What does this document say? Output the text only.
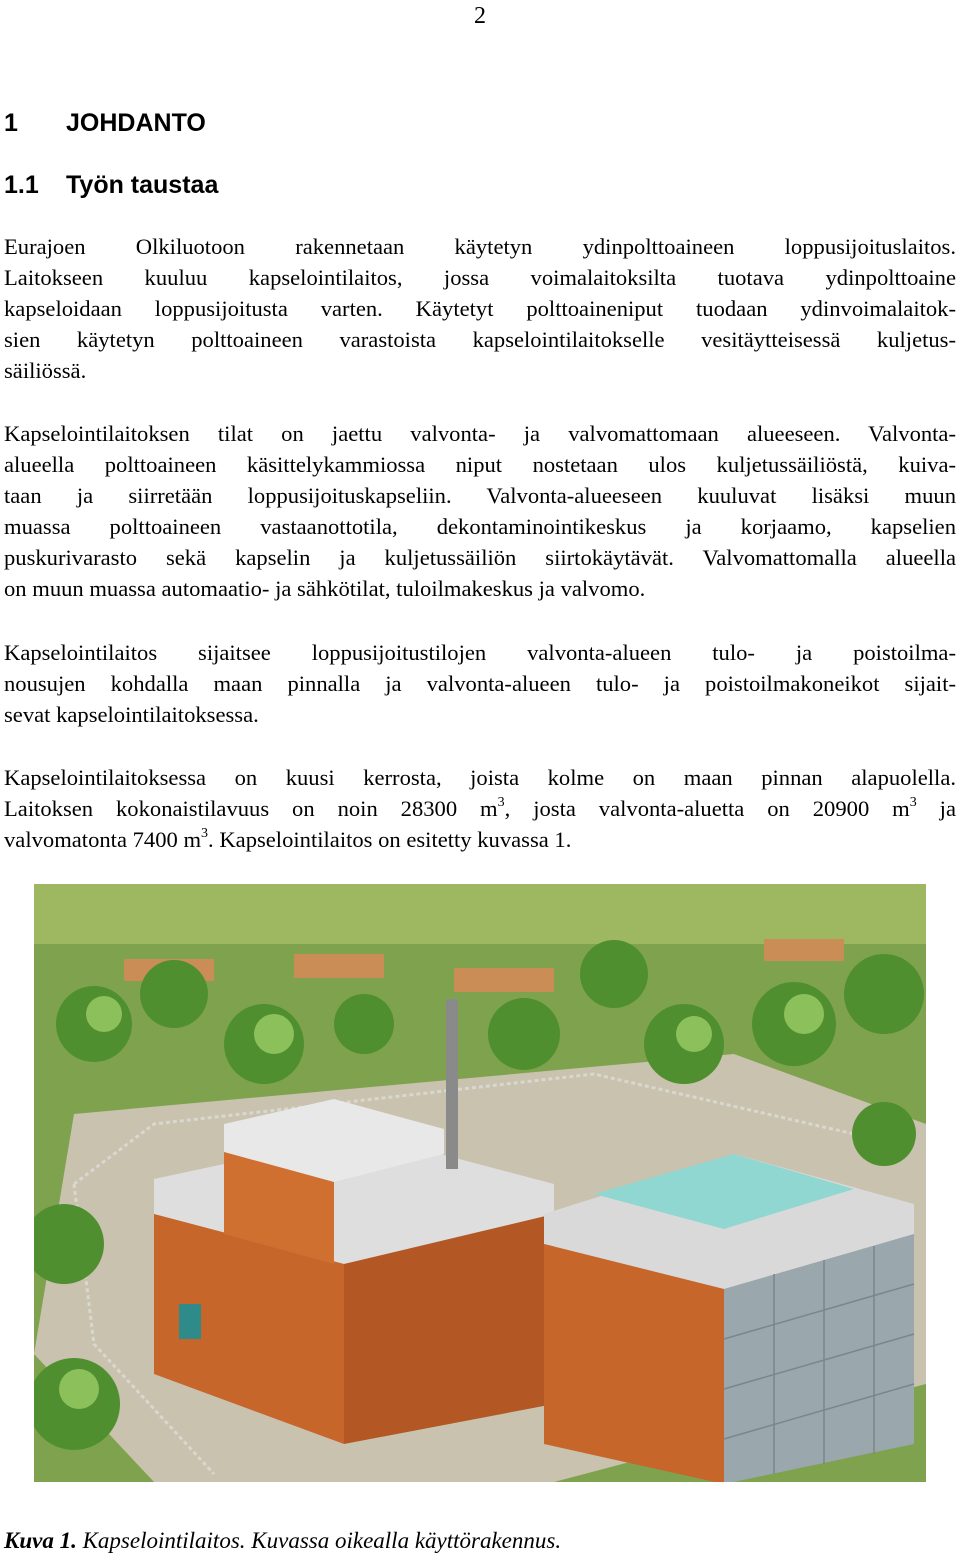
2
1 JOHDANTO
1.1 Työn taustaa
Eurajoen Olkiluotoon rakennetaan käytetyn ydinpolttoaineen loppusijoituslaitos.
Laitokseen kuuluu kapselointilaitos, jossa voimalaitoksilta tuotava ydinpolttoaine
kapseloidaan loppusijoitusta varten. Käytetyt polttoaineniput tuodaan ydinvoimalaitok-
sien käytetyn polttoaineen varastoista kapselointilaitokselle vesitäytteisessä kuljetus-
säiliössä.
Kapselointilaitoksen tilat on jaettu valvonta- ja valvomattomaan alueeseen. Valvonta-
alueella polttoaineen käsittelykammiossa niput nostetaan ulos kuljetussäiliöstä, kuiva-
taan ja siirretään loppusijoituskapseliin. Valvonta-alueeseen kuuluvat lisäksi muun
muassa polttoaineen vastaanottotila, dekontaminointikeskus ja korjaamo, kapselien
puskurivarasto sekä kapselin ja kuljetussäiliön siirtokäytävät. Valvomattomalla alueella
on muun muassa automaatio- ja sähkötilat, tuloilmakeskus ja valvomo.
Kapselointilaitos sijaitsee loppusijoitustilojen valvonta-alueen tulo- ja poistoilma-
nousujen kohdalla maan pinnalla ja valvonta-alueen tulo- ja poistoilmakoneikot sijait-
sevat kapselointilaitoksessa.
Kapselointilaitoksessa on kuusi kerrosta, joista kolme on maan pinnan alapuolella.
Laitoksen kokonaistilavuus on noin 28300 $m^3$, josta valvonta-aluetta on 20900 $m^3$ ja
valvomatonta 7400 $m^3$. Kapselointilaitos on esitetty kuvassa 1.
Kuva 1. Kapselointilaitos. Kuvassa oikealla käyttörakennus.
